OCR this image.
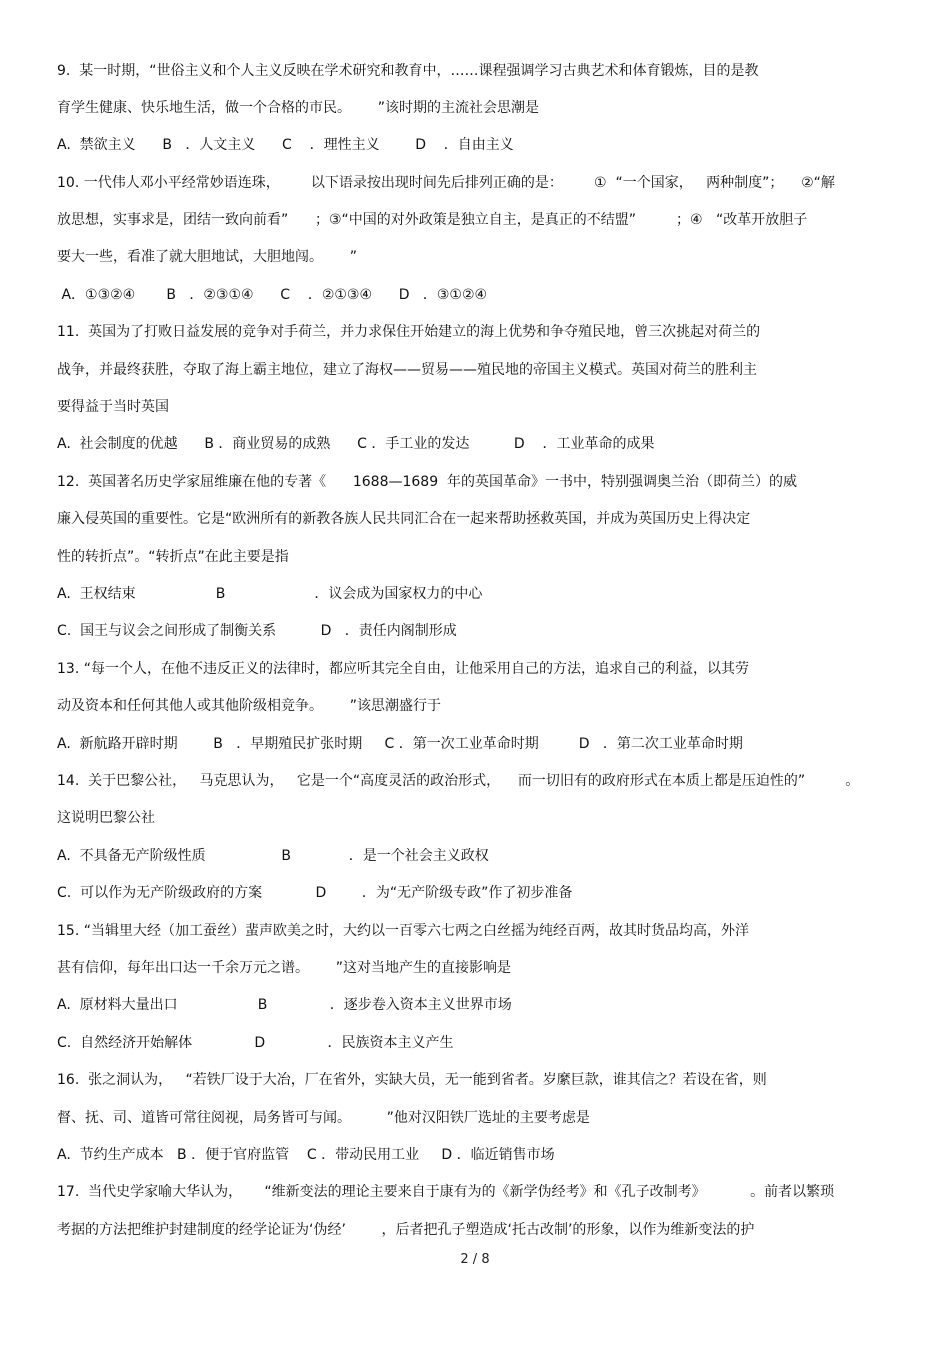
9.  某一时期，“世俗主义和个人主义反映在学术研究和教育中，……课程强调学习古典艺术和体育锻炼，目的是教
育学生健康、快乐地生活，做一个合格的市民。      ”该时期的主流社会思潮是
A.  禁欲主义      B   ．人文主义      C    ．理性主义        D    ．自由主义
10. 一代伟人邓小平经常妙语连珠，       以下语录按出现时间先后排列正确的是：       ①  “一个国家，   两种制度”；    ②“解
放思想，实事求是，团结一致向前看”      ；③“中国的对外政策是独立自主，是真正的不结盟”         ；④   “改革开放胆子
要大一些，看准了就大胆地试，大胆地闯。      ”
A．①③②④       B   ．②③①④      C    ．②①③④      D   ．③①②④
11.  英国为了打败日益发展的竞争对手荷兰，并力求保住开始建立的海上优势和争夺殖民地，曾三次挑起对荷兰的
战争，并最终获胜，夺取了海上霸主地位，建立了海权——贸易——殖民地的帝国主义模式。英国对荷兰的胜利主
要得益于当时英国
A.  社会制度的优越      B ．商业贸易的成熟      C ．手工业的发达          D    ．工业革命的成果
12.  英国著名历史学家屈维廉在他的专著《      1688—1689  年的英国革命》一书中，特别强调奥兰治（即荷兰）的威
廉入侵英国的重要性。它是“欧洲所有的新教各族人民共同汇合在一起来帮助拯救英国，并成为英国历史上得决定
性的转折点”。“转折点”在此主要是指
A.  王权结束                  B                    ．议会成为国家权力的中心
C.  国王与议会之间形成了制衡关系          D   ．责任内阁制形成
13. “每一个人，在他不违反正义的法律时，都应听其完全自由，让他采用自己的方法，追求自己的利益，以其劳
动及资本和任何其他人或其他阶级相竞争。      ”该思潮盛行于
A.  新航路开辟时期        B   ．早期殖民扩张时期     C ．第一次工业革命时期         D   ．第二次工业革命时期
14.  关于巴黎公社，   马克思认为，   它是一个“高度灵活的政治形式，    而一切旧有的政府形式在本质上都是压迫性的”         。
这说明巴黎公社
A.  不具备无产阶级性质                 B             ．是一个社会主义政权
C.  可以作为无产阶级政府的方案            D        ．为“无产阶级专政”作了初步准备
15. “当辑里大经（加工蚕丝）蜚声欧美之时，大约以一百零六七两之白丝摇为纯经百两，故其时货品均高，外洋
甚有信仰，每年出口达一千余万元之谱。      ”这对当地产生的直接影响是
A.  原材料大量出口                  B              ．逐步卷入资本主义世界市场
C.  自然经济开始解体              D              ．民族资本主义产生
16.  张之洞认为，   “若铁厂设于大冶，厂在省外，实缺大员，无一能到省者。岁縻巨款，谁其信之？若设在省，则
督、抚、司、道皆可常往阅视，局务皆可与闻。        ”他对汉阳铁厂选址的主要考虑是
A.  节约生产成本   B ．便于官府监管    C ．带动民用工业     D ．临近销售市场
17.  当代史学家喻大华认为，     “维新变法的理论主要来自于康有为的《新学伪经考》和《孔子改制考》          。前者以繁琐
考据的方法把维护封建制度的经学论证为‘伪经’        ，后者把孔子塑造成‘托古改制’的形象，以作为维新变法的护
2 / 8
